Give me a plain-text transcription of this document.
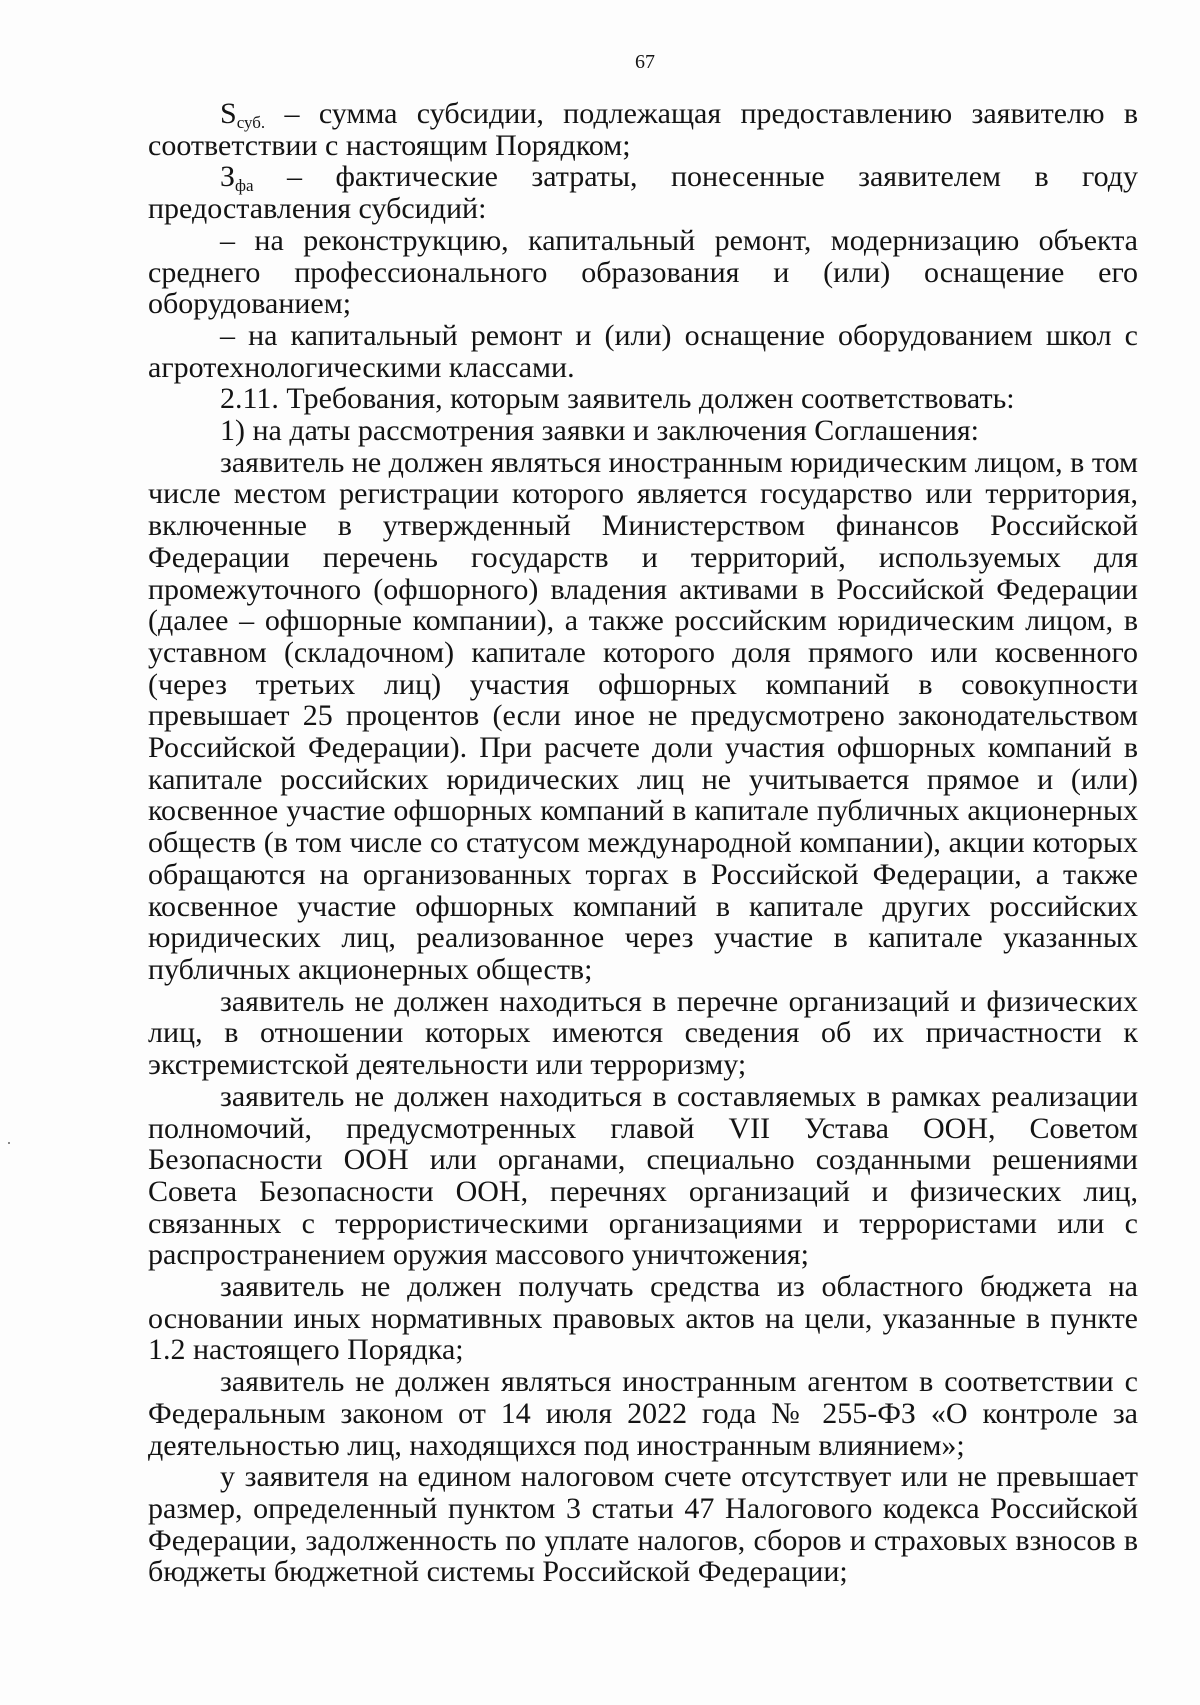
67

$S_{суб.}$ – сумма субсидии, подлежащая предоставлению заявителю в соответствии с настоящим Порядком;

$З_{фа}$ – фактические затраты, понесенные заявителем в году предоставления субсидий:

– на реконструкцию, капитальный ремонт, модернизацию объекта среднего профессионального образования и (или) оснащение его оборудованием;

– на капитальный ремонт и (или) оснащение оборудованием школ с агротехнологическими классами.

2.11. Требования, которым заявитель должен соответствовать:

1) на даты рассмотрения заявки и заключения Соглашения:

заявитель не должен являться иностранным юридическим лицом, в том числе местом регистрации которого является государство или территория, включенные в утвержденный Министерством финансов Российской Федерации перечень государств и территорий, используемых для промежуточного (офшорного) владения активами в Российской Федерации (далее – офшорные компании), а также российским юридическим лицом, в уставном (складочном) капитале которого доля прямого или косвенного (через третьих лиц) участия офшорных компаний в совокупности превышает 25 процентов (если иное не предусмотрено законодательством Российской Федерации). При расчете доли участия офшорных компаний в капитале российских юридических лиц не учитывается прямое и (или) косвенное участие офшорных компаний в капитале публичных акционерных обществ (в том числе со статусом международной компании), акции которых обращаются на организованных торгах в Российской Федерации, а также косвенное участие офшорных компаний в капитале других российских юридических лиц, реализованное через участие в капитале указанных публичных акционерных обществ;

заявитель не должен находиться в перечне организаций и физических лиц, в отношении которых имеются сведения об их причастности к экстремистской деятельности или терроризму;

заявитель не должен находиться в составляемых в рамках реализации полномочий, предусмотренных главой VII Устава ООН, Советом Безопасности ООН или органами, специально созданными решениями Совета Безопасности ООН, перечнях организаций и физических лиц, связанных с террористическими организациями и террористами или с распространением оружия массового уничтожения;

заявитель не должен получать средства из областного бюджета на основании иных нормативных правовых актов на цели, указанные в пункте 1.2 настоящего Порядка;

заявитель не должен являться иностранным агентом в соответствии с Федеральным законом от 14 июля 2022 года № 255-ФЗ «О контроле за деятельностью лиц, находящихся под иностранным влиянием»;

у заявителя на едином налоговом счете отсутствует или не превышает размер, определенный пунктом 3 статьи 47 Налогового кодекса Российской Федерации, задолженность по уплате налогов, сборов и страховых взносов в бюджеты бюджетной системы Российской Федерации;
